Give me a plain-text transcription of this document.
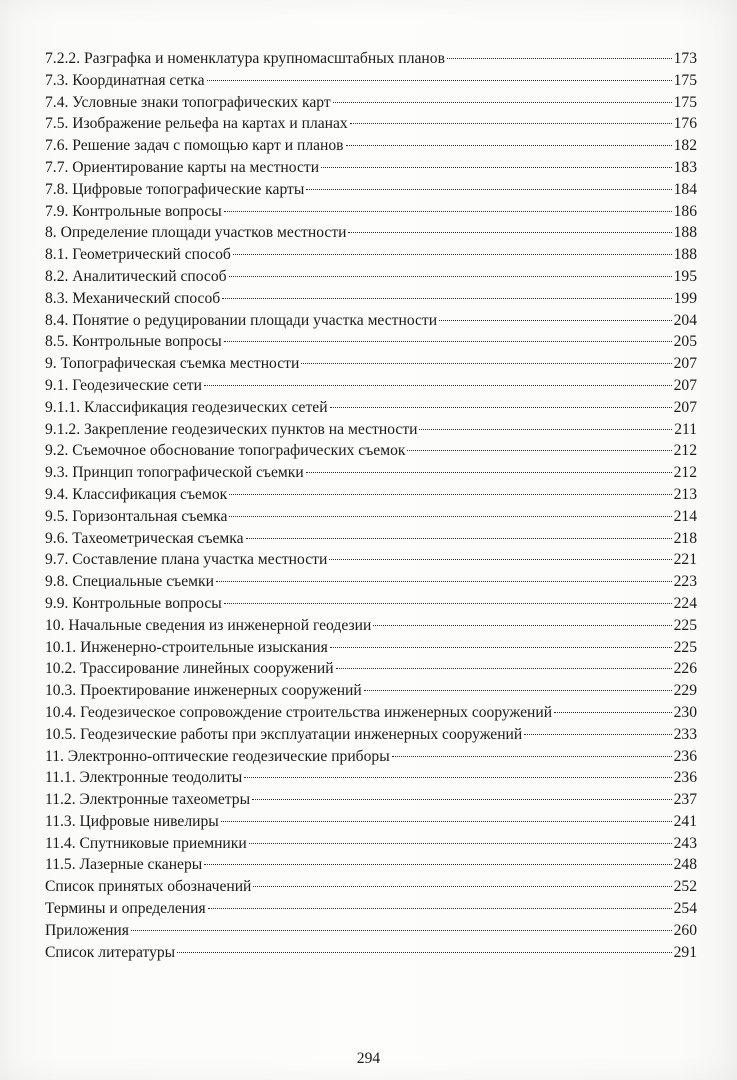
7.2.2. Разграфка и номенклатура крупномасштабных планов	173
7.3. Координатная сетка	175
7.4. Условные знаки топографических карт	175
7.5. Изображение рельефа на картах и планах	176
7.6. Решение задач с помощью карт и планов	182
7.7. Ориентирование карты на местности	183
7.8. Цифровые топографические карты	184
7.9. Контрольные вопросы	186
8. Определение площади участков местности	188
8.1. Геометрический способ	188
8.2. Аналитический способ	195
8.3. Механический способ	199
8.4. Понятие о редуцировании площади участка местности	204
8.5. Контрольные вопросы	205
9. Топографическая съемка местности	207
9.1. Геодезические сети	207
9.1.1. Классификация геодезических сетей	207
9.1.2. Закрепление геодезических пунктов на местности	211
9.2. Съемочное обоснование топографических съемок	212
9.3. Принцип топографической съемки	212
9.4. Классификация съемок	213
9.5. Горизонтальная съемка	214
9.6. Тахеометрическая съемка	218
9.7. Составление плана участка местности	221
9.8. Специальные съемки	223
9.9. Контрольные вопросы	224
10. Начальные сведения из инженерной геодезии	225
10.1. Инженерно-строительные изыскания	225
10.2. Трассирование линейных сооружений	226
10.3. Проектирование инженерных сооружений	229
10.4. Геодезическое сопровождение строительства инженерных сооружений	230
10.5. Геодезические работы при эксплуатации инженерных сооружений	233
11. Электронно-оптические геодезические приборы	236
11.1. Электронные теодолиты	236
11.2. Электронные тахеометры	237
11.3. Цифровые нивелиры	241
11.4. Спутниковые приемники	243
11.5. Лазерные сканеры	248
Список принятых обозначений	252
Термины и определения	254
Приложения	260
Список литературы	291
294
